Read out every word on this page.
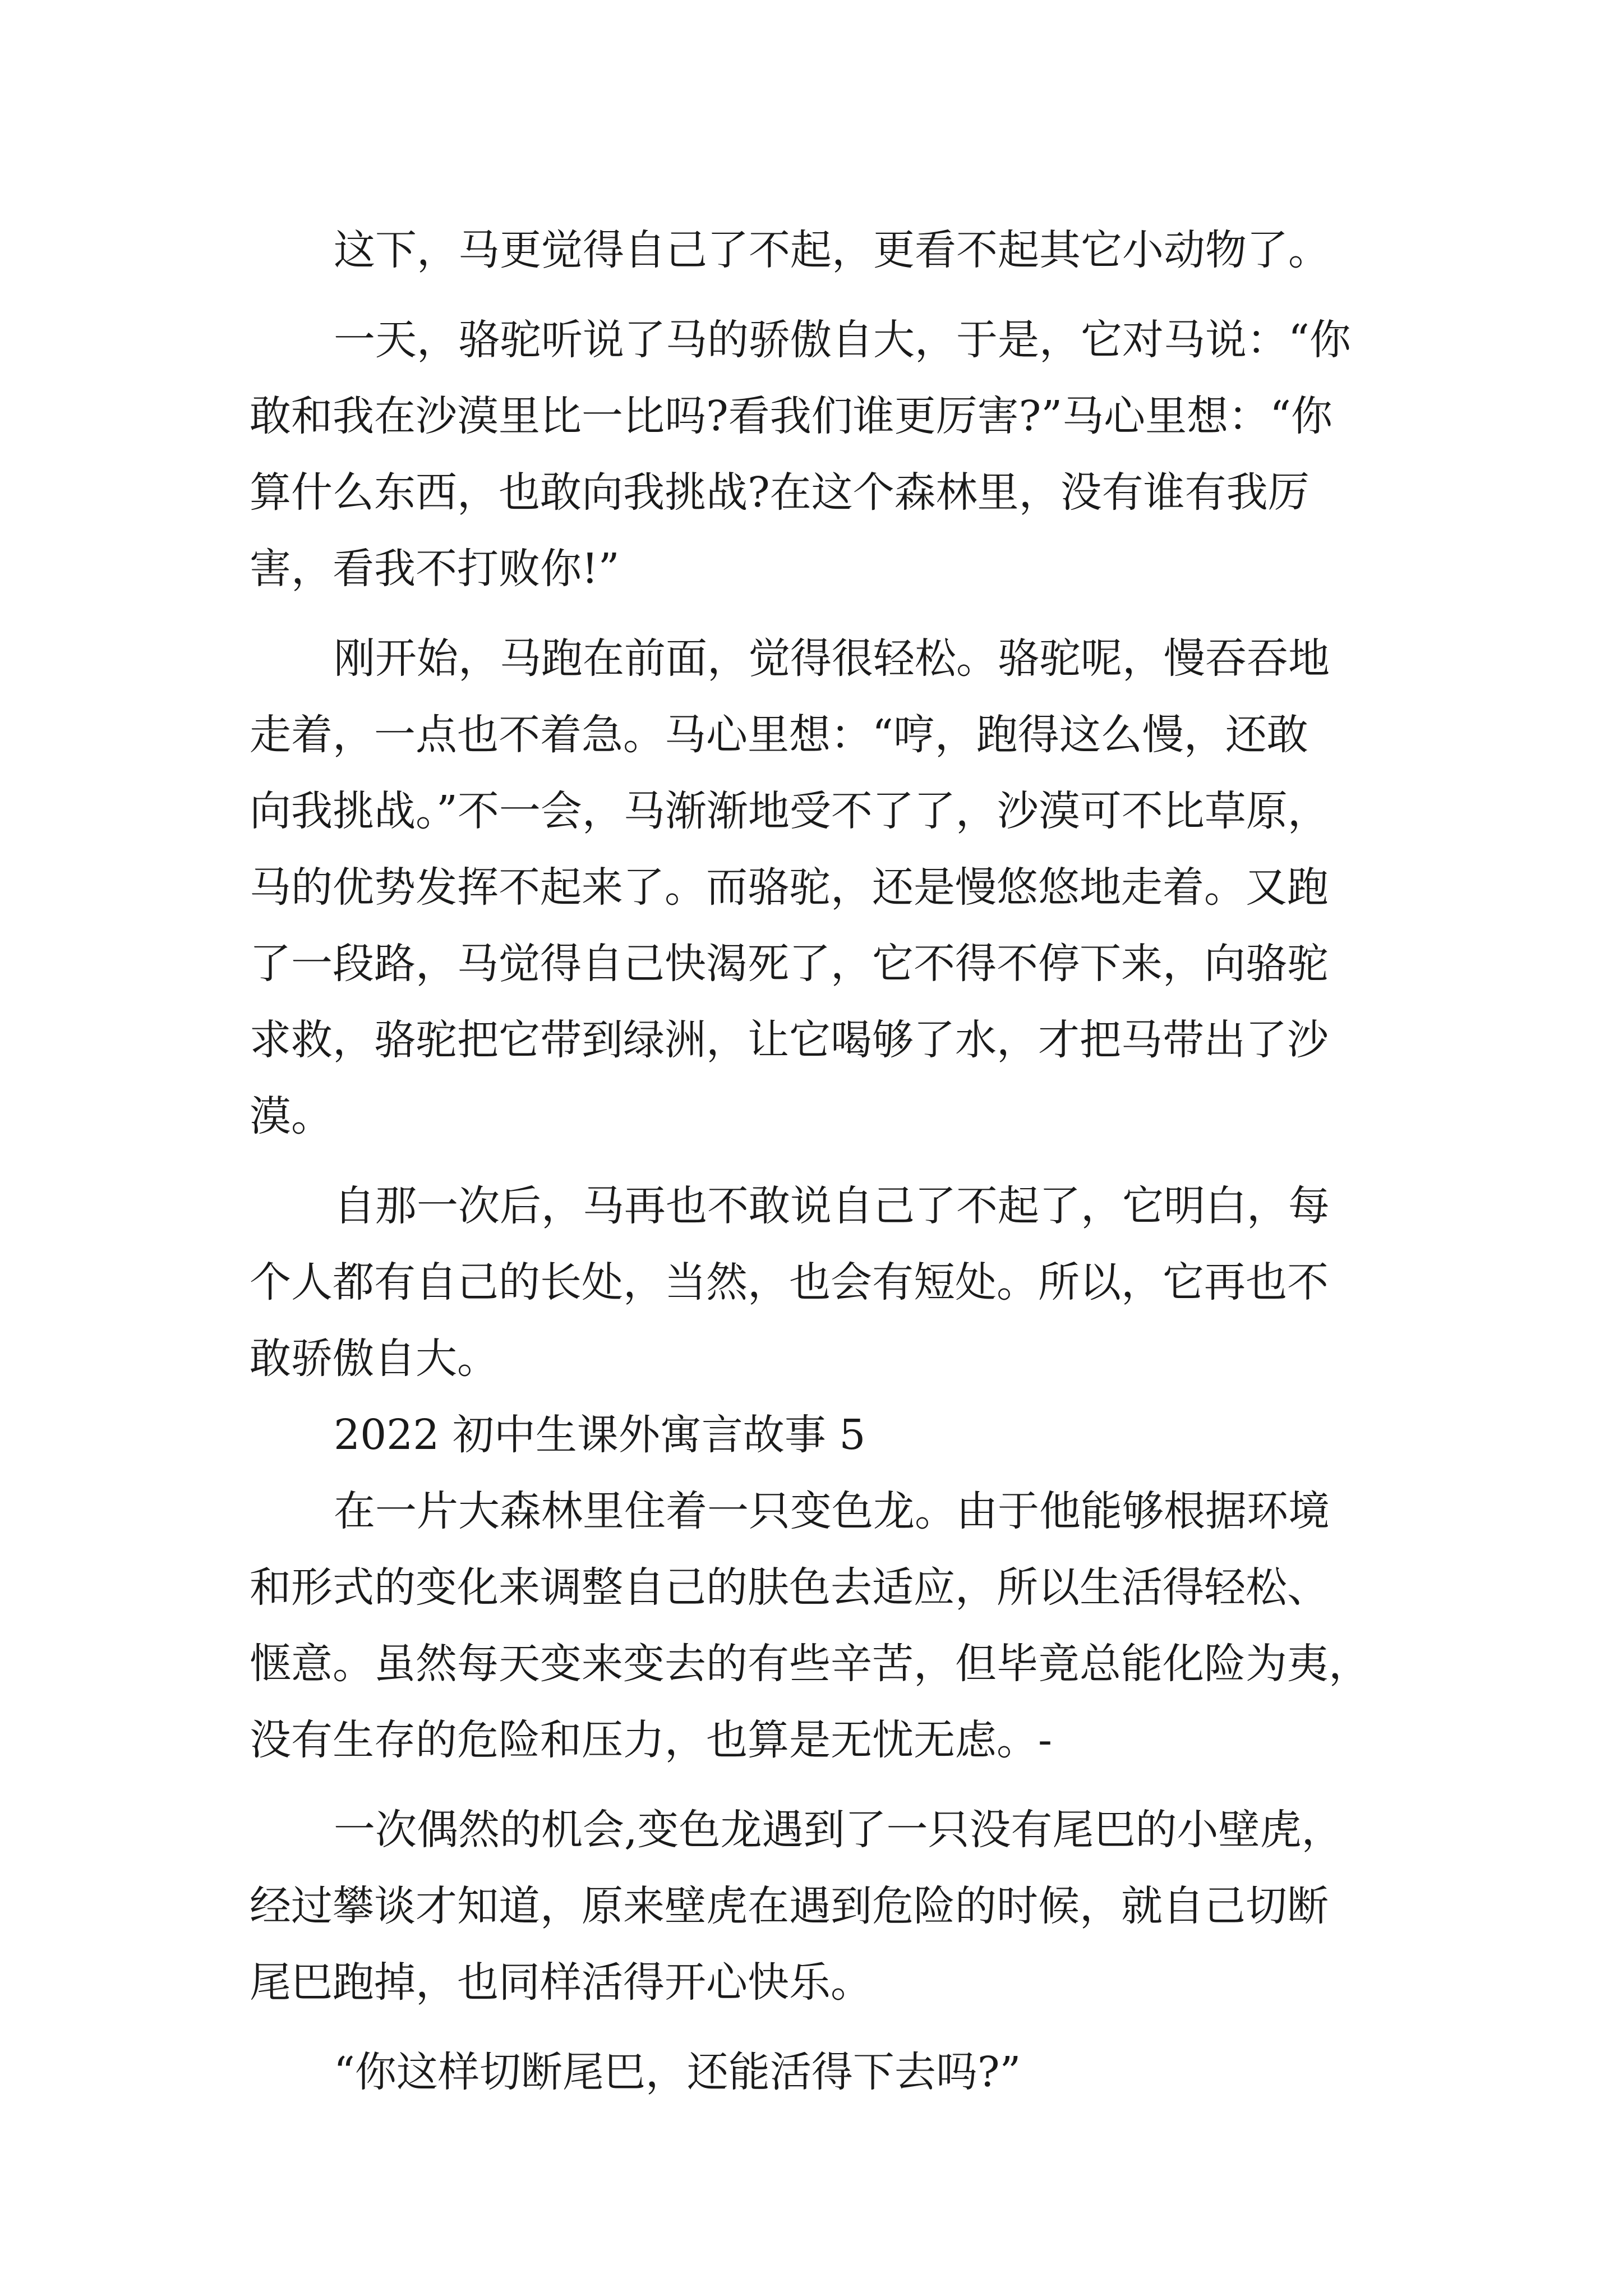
这下，马更觉得自己了不起，更看不起其它小动物了。
一天，骆驼听说了马的骄傲自大，于是，它对马说：“你
敢和我在沙漠里比一比吗?看我们谁更厉害?”马心里想：“你
算什么东西，也敢向我挑战?在这个森林里，没有谁有我厉
害，看我不打败你!”
刚开始，马跑在前面，觉得很轻松。骆驼呢，慢吞吞地
走着，一点也不着急。马心里想：“哼，跑得这么慢，还敢
向我挑战。”不一会，马渐渐地受不了了，沙漠可不比草原，
马的优势发挥不起来了。而骆驼，还是慢悠悠地走着。又跑
了一段路，马觉得自己快渴死了，它不得不停下来，向骆驼
求救，骆驼把它带到绿洲，让它喝够了水，才把马带出了沙
漠。
自那一次后，马再也不敢说自己了不起了，它明白，每
个人都有自己的长处，当然，也会有短处。所以，它再也不
敢骄傲自大。
2022 初中生课外寓言故事 5
在一片大森林里住着一只变色龙。由于他能够根据环境
和形式的变化来调整自己的肤色去适应，所以生活得轻松、
惬意。虽然每天变来变去的有些辛苦，但毕竟总能化险为夷，
没有生存的危险和压力，也算是无忧无虑。-
一次偶然的机会,变色龙遇到了一只没有尾巴的小壁虎，
经过攀谈才知道，原来壁虎在遇到危险的时候，就自己切断
尾巴跑掉，也同样活得开心快乐。
“你这样切断尾巴，还能活得下去吗?”
